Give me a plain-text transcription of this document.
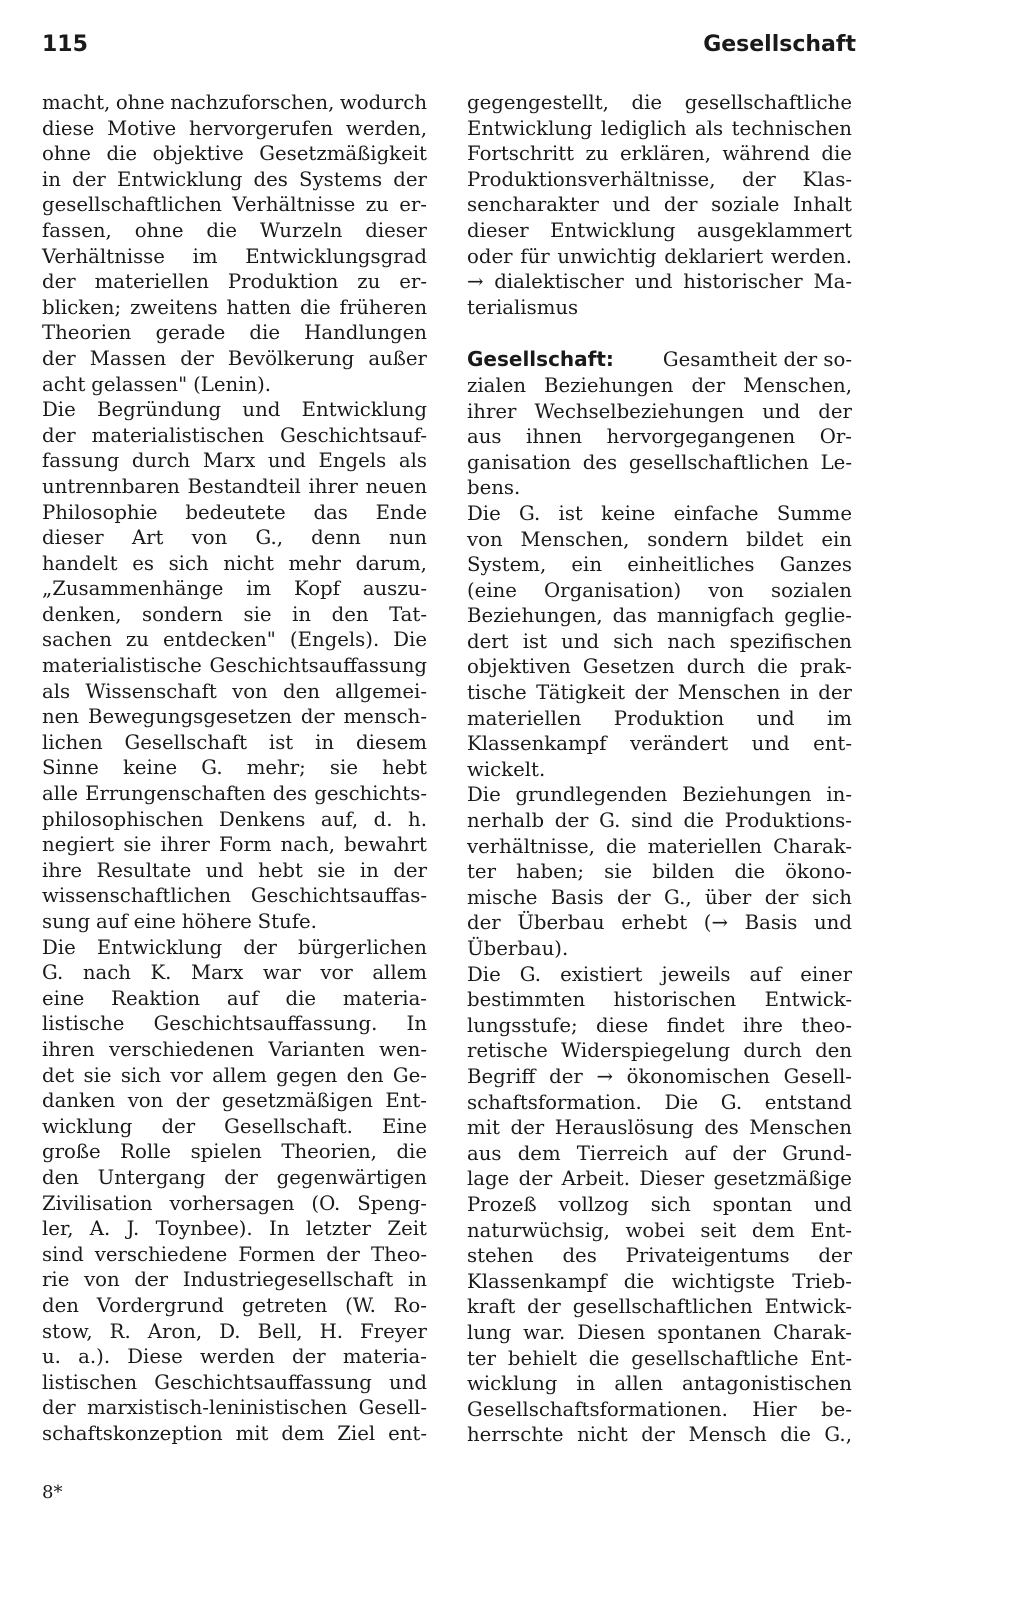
115	Gesellschaft
macht, ohne nachzuforschen, wodurch
diese Motive hervorgerufen werden,
ohne die objektive Gesetzmäßigkeit
in der Entwicklung des Systems der
gesellschaftlichen Verhältnisse zu er-
fassen, ohne die Wurzeln dieser
Verhältnisse im Entwicklungsgrad
der materiellen Produktion zu er-
blicken; zweitens hatten die früheren
Theorien gerade die Handlungen
der Massen der Bevölkerung außer
acht gelassen" (Lenin).
Die Begründung und Entwicklung
der materialistischen Geschichtsauf-
fassung durch Marx und Engels als
untrennbaren Bestandteil ihrer neuen
Philosophie bedeutete das Ende
dieser Art von G., denn nun
handelt es sich nicht mehr darum,
„Zusammenhänge im Kopf auszu-
denken, sondern sie in den Tat-
sachen zu entdecken" (Engels). Die
materialistische Geschichtsauffassung
als Wissenschaft von den allgemei-
nen Bewegungsgesetzen der mensch-
lichen Gesellschaft ist in diesem
Sinne keine G. mehr; sie hebt
alle Errungenschaften des geschichts-
philosophischen Denkens auf, d. h.
negiert sie ihrer Form nach, bewahrt
ihre Resultate und hebt sie in der
wissenschaftlichen Geschichtsauffas-
sung auf eine höhere Stufe.
Die Entwicklung der bürgerlichen
G. nach K. Marx war vor allem
eine Reaktion auf die materia-
listische Geschichtsauffassung. In
ihren verschiedenen Varianten wen-
det sie sich vor allem gegen den Ge-
danken von der gesetzmäßigen Ent-
wicklung der Gesellschaft. Eine
große Rolle spielen Theorien, die
den Untergang der gegenwärtigen
Zivilisation vorhersagen (O. Speng-
ler, A. J. Toynbee). In letzter Zeit
sind verschiedene Formen der Theo-
rie von der Industriegesellschaft in
den Vordergrund getreten (W. Ro-
stow, R. Aron, D. Bell, H. Freyer
u. a.). Diese werden der materia-
listischen Geschichtsauffassung und
der marxistisch-leninistischen Gesell-
schaftskonzeption mit dem Ziel ent-
gegengestellt, die gesellschaftliche
Entwicklung lediglich als technischen
Fortschritt zu erklären, während die
Produktionsverhältnisse, der Klas-
sencharakter und der soziale Inhalt
dieser Entwicklung ausgeklammert
oder für unwichtig deklariert werden.
→ dialektischer und historischer Ma-
terialismus
Gesellschaft: Gesamtheit der so-
zialen Beziehungen der Menschen,
ihrer Wechselbeziehungen und der
aus ihnen hervorgegangenen Or-
ganisation des gesellschaftlichen Le-
bens.
Die G. ist keine einfache Summe
von Menschen, sondern bildet ein
System, ein einheitliches Ganzes
(eine Organisation) von sozialen
Beziehungen, das mannigfach geglie-
dert ist und sich nach spezifischen
objektiven Gesetzen durch die prak-
tische Tätigkeit der Menschen in der
materiellen Produktion und im
Klassenkampf verändert und ent-
wickelt.
Die grundlegenden Beziehungen in-
nerhalb der G. sind die Produktions-
verhältnisse, die materiellen Charak-
ter haben; sie bilden die ökono-
mische Basis der G., über der sich
der Überbau erhebt (→ Basis und
Überbau).
Die G. existiert jeweils auf einer
bestimmten historischen Entwick-
lungsstufe; diese findet ihre theo-
retische Widerspiegelung durch den
Begriff der → ökonomischen Gesell-
schaftsformation. Die G. entstand
mit der Herauslösung des Menschen
aus dem Tierreich auf der Grund-
lage der Arbeit. Dieser gesetzmäßige
Prozeß vollzog sich spontan und
naturwüchsig, wobei seit dem Ent-
stehen des Privateigentums der
Klassenkampf die wichtigste Trieb-
kraft der gesellschaftlichen Entwick-
lung war. Diesen spontanen Charak-
ter behielt die gesellschaftliche Ent-
wicklung in allen antagonistischen
Gesellschaftsformationen. Hier be-
herrschte nicht der Mensch die G.,
8*
